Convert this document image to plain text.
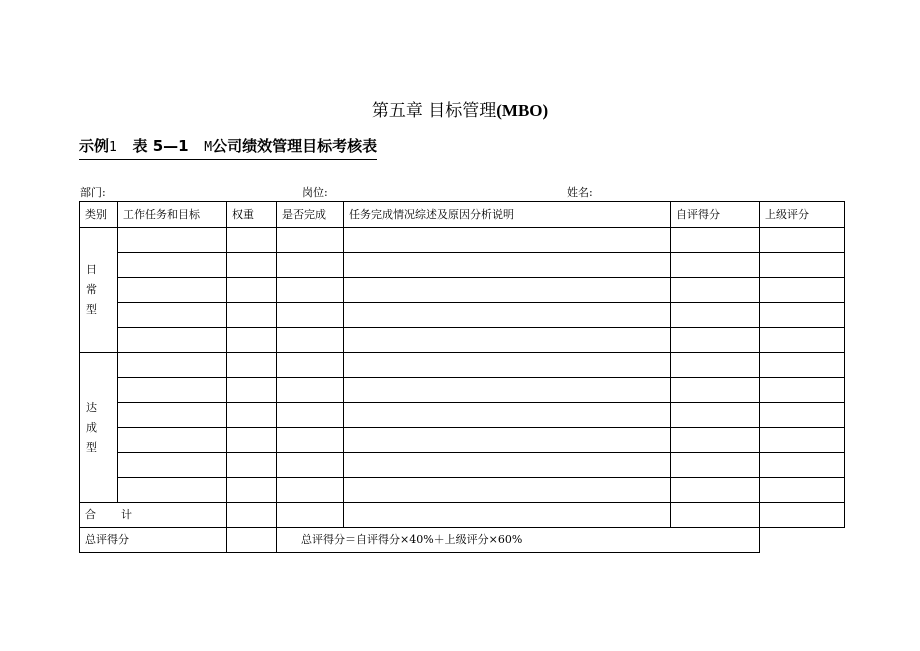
第五章 目标管理(MBO)
示例1 表 5—1   M公司绩效管理目标考核表
部门:	岗位:	姓名:
类别	工作任务和目标	权重	是否完成	任务完成情况综述及原因分析说明	自评得分	上级评分
日常型						

达成型						

合 计						
总评得分			总评得分＝自评得分×40%＋上级评分×60%			
